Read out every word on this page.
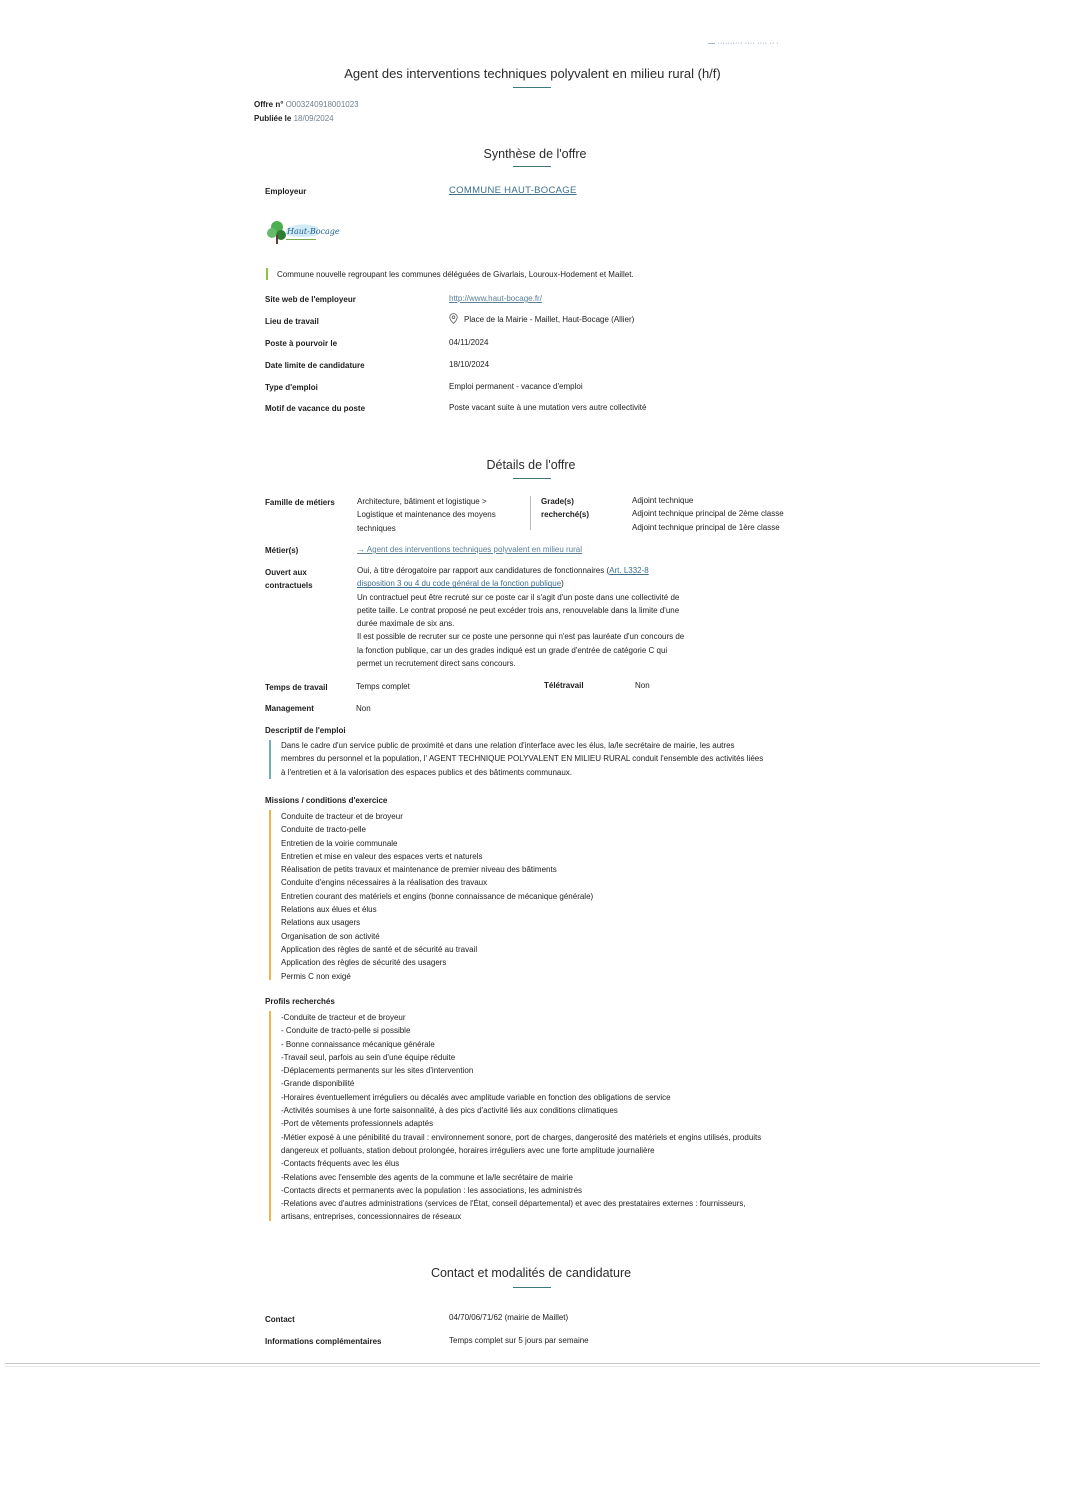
— ·········· ···· ···· ·· ·
Agent des interventions techniques polyvalent en milieu rural (h/f)
Offre n° O003240918001023
Publiée le 18/09/2024
Synthèse de l'offre
Employeur	COMMUNE HAUT-BOCAGE
Haut-Bocage
Commune nouvelle regroupant les communes déléguées de Givarlais, Louroux-Hodement et Maillet.
Site web de l'employeur	http://www.haut-bocage.fr/
Lieu de travail	Place de la Mairie - Maillet, Haut-Bocage (Allier)
Poste à pourvoir le	04/11/2024
Date limite de candidature	18/10/2024
Type d'emploi	Emploi permanent - vacance d'emploi
Motif de vacance du poste	Poste vacant suite à une mutation vers autre collectivité
Détails de l'offre
Famille de métiers	Architecture, bâtiment et logistique >
Logistique et maintenance des moyens
techniques
Grade(s)
recherché(s)
Adjoint technique
Adjoint technique principal de 2ème classe
Adjoint technique principal de 1ère classe
Métier(s)	→ Agent des interventions techniques polyvalent en milieu rural
Ouvert aux
contractuels
Oui, à titre dérogatoire par rapport aux candidatures de fonctionnaires (Art. L332-8
disposition 3 ou 4 du code général de la fonction publique)
Un contractuel peut être recruté sur ce poste car il s'agit d'un poste dans une collectivité de
petite taille. Le contrat proposé ne peut excéder trois ans, renouvelable dans la limite d'une
durée maximale de six ans.
Il est possible de recruter sur ce poste une personne qui n'est pas lauréate d'un concours de
la fonction publique, car un des grades indiqué est un grade d'entrée de catégorie C qui
permet un recrutement direct sans concours.
Temps de travail	Temps complet	Télétravail	Non
Management	Non
Descriptif de l'emploi
Dans le cadre d'un service public de proximité et dans une relation d'interface avec les élus, la/le secrétaire de mairie, les autres
membres du personnel et la population, l' AGENT TECHNIQUE POLYVALENT EN MILIEU RURAL conduit l'ensemble des activités liées
à l'entretien et à la valorisation des espaces publics et des bâtiments communaux.
Missions / conditions d'exercice
Conduite de tracteur et de broyeur
Conduite de tracto-pelle
Entretien de la voirie communale
Entretien et mise en valeur des espaces verts et naturels
Réalisation de petits travaux et maintenance de premier niveau des bâtiments
Conduite d'engins nécessaires à la réalisation des travaux
Entretien courant des matériels et engins (bonne connaissance de mécanique générale)
Relations aux élues et élus
Relations aux usagers
Organisation de son activité
Application des règles de santé et de sécurité au travail
Application des règles de sécurité des usagers
Permis C non exigé
Profils recherchés
-Conduite de tracteur et de broyeur
- Conduite de tracto-pelle si possible
- Bonne connaissance mécanique générale
-Travail seul, parfois au sein d'une équipe réduite
-Déplacements permanents sur les sites d'intervention
-Grande disponibilité
-Horaires éventuellement irréguliers ou décalés avec amplitude variable en fonction des obligations de service
-Activités soumises à une forte saisonnalité, à des pics d'activité liés aux conditions climatiques
-Port de vêtements professionnels adaptés
-Métier exposé à une pénibilité du travail : environnement sonore, port de charges, dangerosité des matériels et engins utilisés, produits
dangereux et polluants, station debout prolongée, horaires irréguliers avec une forte amplitude journalière
-Contacts fréquents avec les élus
-Relations avec l'ensemble des agents de la commune et la/le secrétaire de mairie
-Contacts directs et permanents avec la population : les associations, les administrés
-Relations avec d'autres administrations (services de l'État, conseil départemental) et avec des prestataires externes : fournisseurs,
artisans, entreprises, concessionnaires de réseaux
Contact et modalités de candidature
Contact	04/70/06/71/62 (mairie de Maillet)
Informations complémentaires	Temps complet sur 5 jours par semaine
